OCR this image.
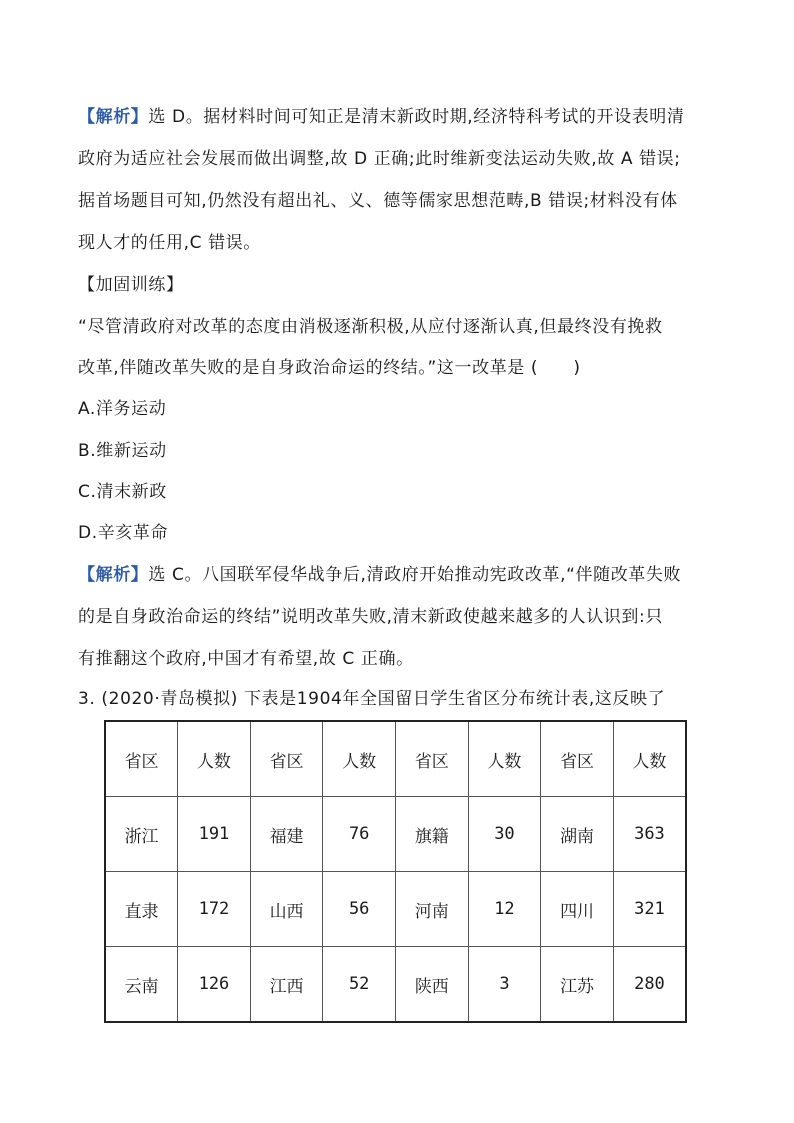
【解析】选 D。据材料时间可知正是清末新政时期,经济特科考试的开设表明清
政府为适应社会发展而做出调整,故 D 正确;此时维新变法运动失败,故 A 错误;
据首场题目可知,仍然没有超出礼、义、德等儒家思想范畴,B 错误;材料没有体
现人才的任用,C 错误。
【加固训练】
“尽管清政府对改革的态度由消极逐渐积极,从应付逐渐认真,但最终没有挽救
改革,伴随改革失败的是自身政治命运的终结。”这一改革是 (　　)
A.洋务运动
B.维新运动
C.清末新政
D.辛亥革命
【解析】选 C。八国联军侵华战争后,清政府开始推动宪政改革,“伴随改革失败
的是自身政治命运的终结”说明改革失败,清末新政使越来越多的人认识到:只
有推翻这个政府,中国才有希望,故 C 正确。
3. (2020·青岛模拟) 下表是1904年全国留日学生省区分布统计表,这反映了
省区	人数	省区	人数	省区	人数	省区	人数
浙江	191	福建	76	旗籍	30	湖南	363
直隶	172	山西	56	河南	12	四川	321
云南	126	江西	52	陕西	3	江苏	280
